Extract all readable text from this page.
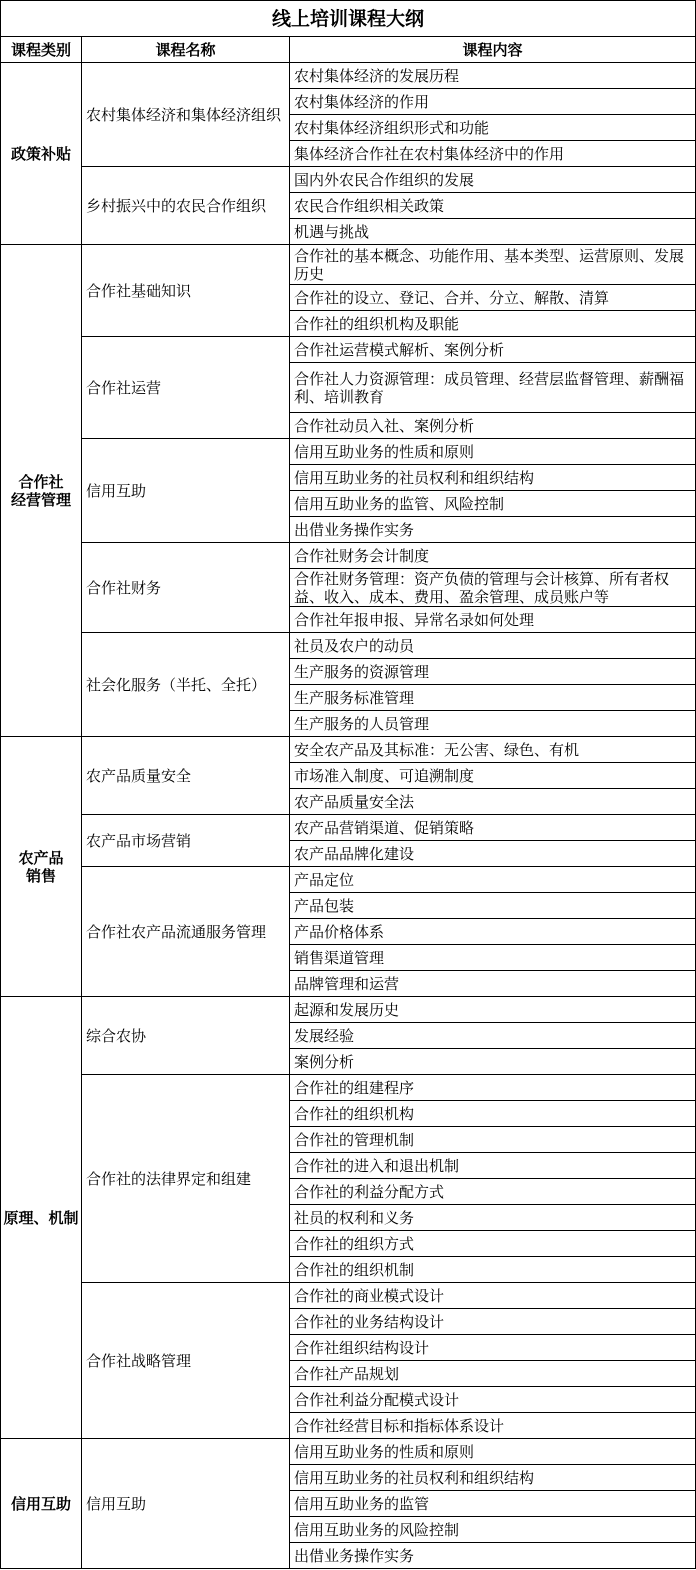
线上培训课程大纲
课程类别	课程名称	课程内容
农村集体经济的发展历程
农村集体经济的作用
农村集体经济组织形式和功能
集体经济合作社在农村集体经济中的作用
农村集体经济和集体经济组织
国内外农民合作组织的发展
农民合作组织相关政策
机遇与挑战
乡村振兴中的农民合作组织
政策补贴
合作社的基本概念、功能作用、基本类型、运营原则、发展历史
合作社的设立、登记、合并、分立、解散、清算
合作社的组织机构及职能
合作社基础知识
合作社运营模式解析、案例分析
合作社人力资源管理：成员管理、经营层监督管理、薪酬福利、培训教育
合作社动员入社、案例分析
合作社运营
信用互助业务的性质和原则
信用互助业务的社员权利和组织结构
信用互助业务的监管、风险控制
出借业务操作实务
信用互助
合作社财务会计制度
合作社财务管理：资产负债的管理与会计核算、所有者权益、收入、成本、费用、盈余管理、成员账户等
合作社年报申报、异常名录如何处理
合作社财务
社员及农户的动员
生产服务的资源管理
生产服务标准管理
生产服务的人员管理
社会化服务（半托、全托）
合作社
经营管理
安全农产品及其标准：无公害、绿色、有机
市场准入制度、可追溯制度
农产品质量安全法
农产品质量安全
农产品营销渠道、促销策略
农产品品牌化建设
农产品市场营销
产品定位
产品包装
产品价格体系
销售渠道管理
品牌管理和运营
合作社农产品流通服务管理
农产品
销售
起源和发展历史
发展经验
案例分析
综合农协
合作社的组建程序
合作社的组织机构
合作社的管理机制
合作社的进入和退出机制
合作社的利益分配方式
社员的权利和义务
合作社的组织方式
合作社的组织机制
合作社的法律界定和组建
合作社的商业模式设计
合作社的业务结构设计
合作社组织结构设计
合作社产品规划
合作社利益分配模式设计
合作社经营目标和指标体系设计
合作社战略管理
原理、机制
信用互助业务的性质和原则
信用互助业务的社员权利和组织结构
信用互助业务的监管
信用互助业务的风险控制
出借业务操作实务
信用互助
信用互助
